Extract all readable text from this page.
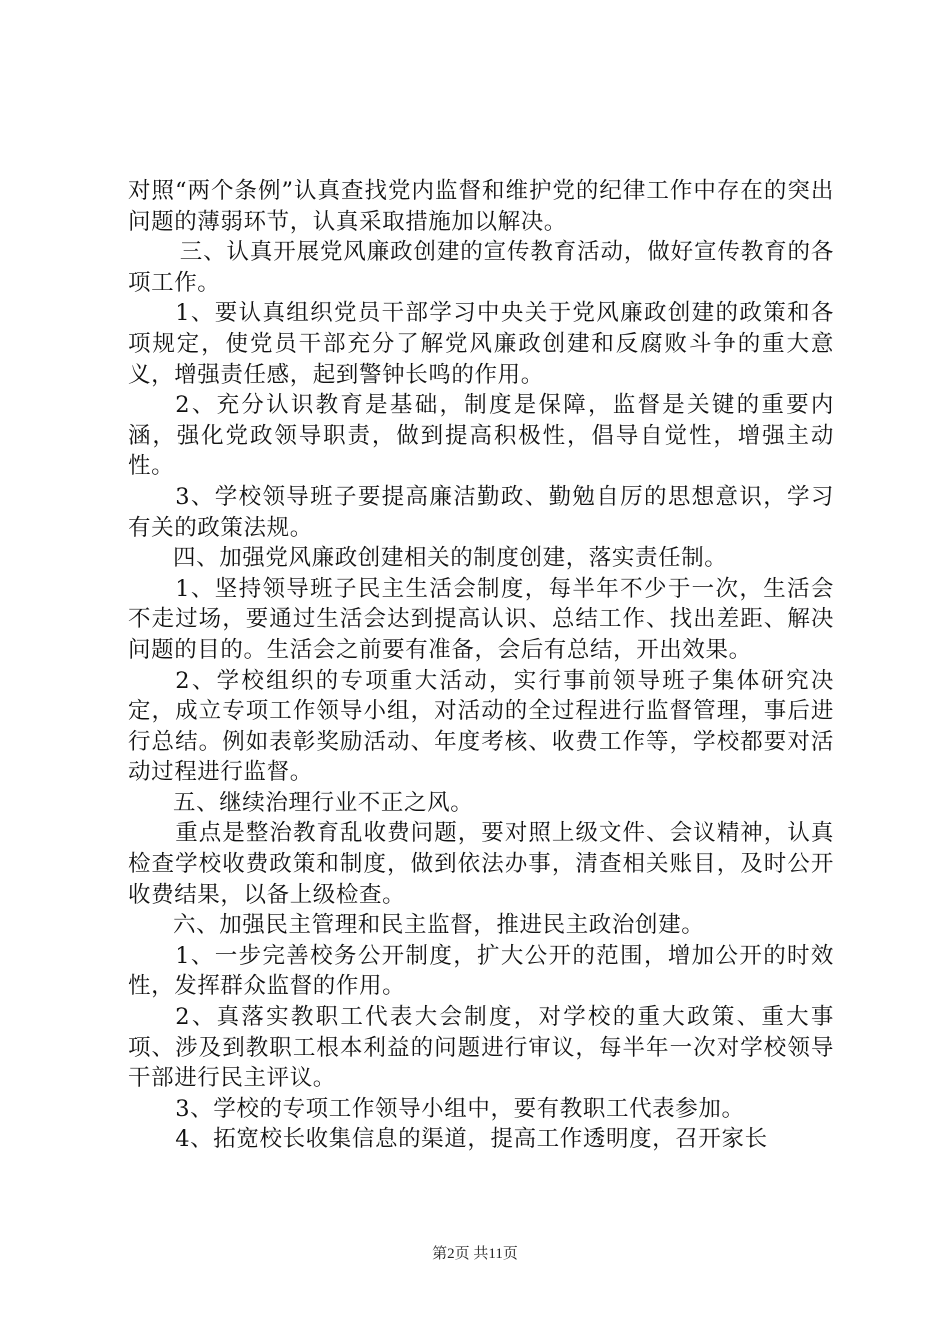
对照“两个条例”认真查找党内监督和维护党的纪律工作中存在的突出问题的薄弱环节，认真采取措施加以解决。

三、认真开展党风廉政创建的宣传教育活动，做好宣传教育的各项工作。

1、要认真组织党员干部学习中央关于党风廉政创建的政策和各项规定，使党员干部充分了解党风廉政创建和反腐败斗争的重大意义，增强责任感，起到警钟长鸣的作用。

2、充分认识教育是基础，制度是保障，监督是关键的重要内涵，强化党政领导职责，做到提高积极性，倡导自觉性，增强主动性。

3、学校领导班子要提高廉洁勤政、勤勉自厉的思想意识，学习有关的政策法规。

四、加强党风廉政创建相关的制度创建，落实责任制。

1、坚持领导班子民主生活会制度，每半年不少于一次，生活会不走过场，要通过生活会达到提高认识、总结工作、找出差距、解决问题的目的。生活会之前要有准备，会后有总结，开出效果。

2、学校组织的专项重大活动，实行事前领导班子集体研究决定，成立专项工作领导小组，对活动的全过程进行监督管理，事后进行总结。例如表彰奖励活动、年度考核、收费工作等，学校都要对活动过程进行监督。

五、继续治理行业不正之风。

重点是整治教育乱收费问题，要对照上级文件、会议精神，认真检查学校收费政策和制度，做到依法办事，清查相关账目，及时公开收费结果，以备上级检查。

六、加强民主管理和民主监督，推进民主政治创建。

1、一步完善校务公开制度，扩大公开的范围，增加公开的时效性，发挥群众监督的作用。

2、真落实教职工代表大会制度，对学校的重大政策、重大事项、涉及到教职工根本利益的问题进行审议，每半年一次对学校领导干部进行民主评议。

3、学校的专项工作领导小组中，要有教职工代表参加。

4、拓宽校长收集信息的渠道，提高工作透明度，召开家长

第2页 共11页
